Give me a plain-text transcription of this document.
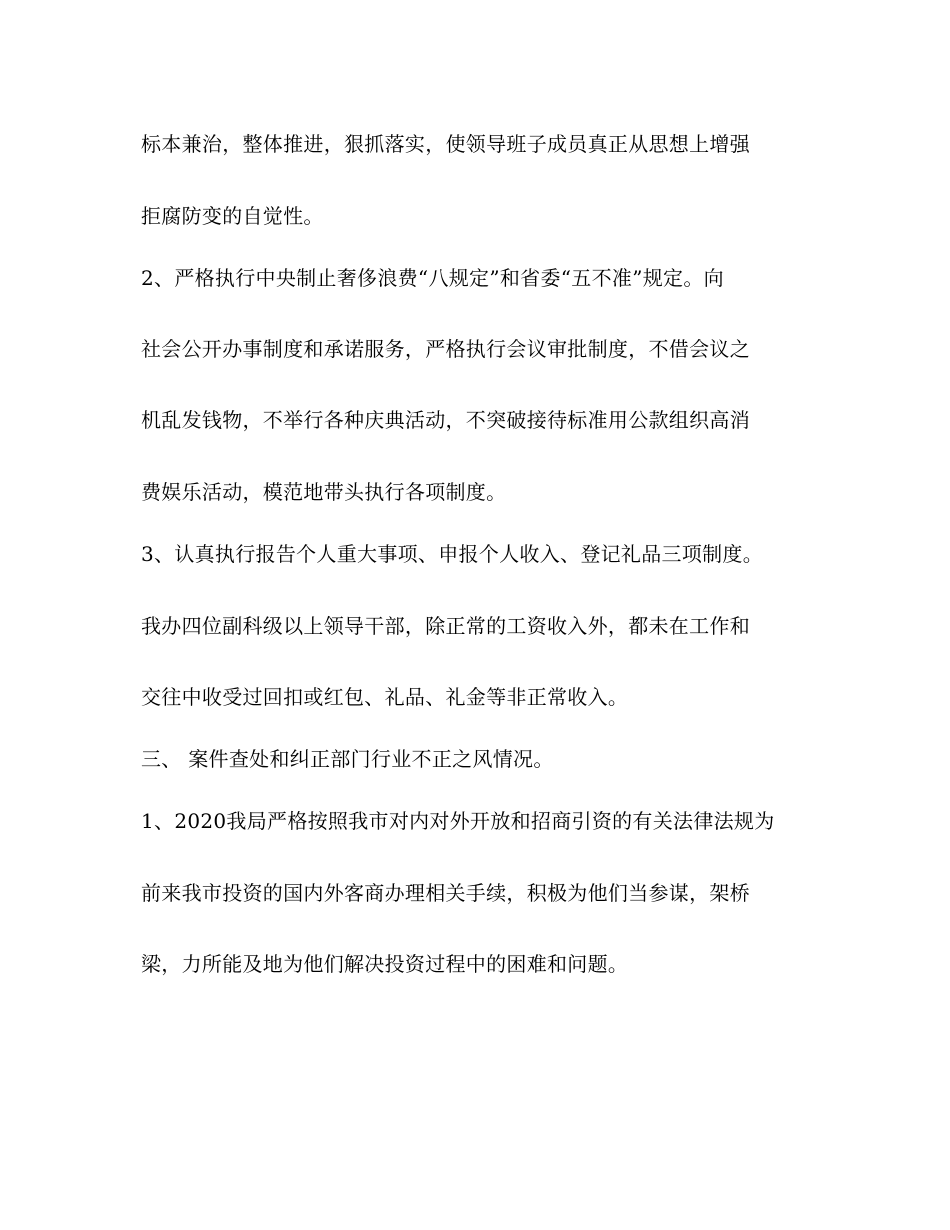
标本兼治，整体推进，狠抓落实，使领导班子成员真正从思想上增强
拒腐防变的自觉性。
2、严格执行中央制止奢侈浪费“八规定”和省委“五不准”规定。向
社会公开办事制度和承诺服务，严格执行会议审批制度，不借会议之
机乱发钱物，不举行各种庆典活动，不突破接待标准用公款组织高消
费娱乐活动，模范地带头执行各项制度。
3、认真执行报告个人重大事项、申报个人收入、登记礼品三项制度。
我办四位副科级以上领导干部，除正常的工资收入外，都未在工作和
交往中收受过回扣或红包、礼品、礼金等非正常收入。
三、 案件查处和纠正部门行业不正之风情况。
1、2020我局严格按照我市对内对外开放和招商引资的有关法律法规为
前来我市投资的国内外客商办理相关手续，积极为他们当参谋，架桥
梁，力所能及地为他们解决投资过程中的困难和问题。
